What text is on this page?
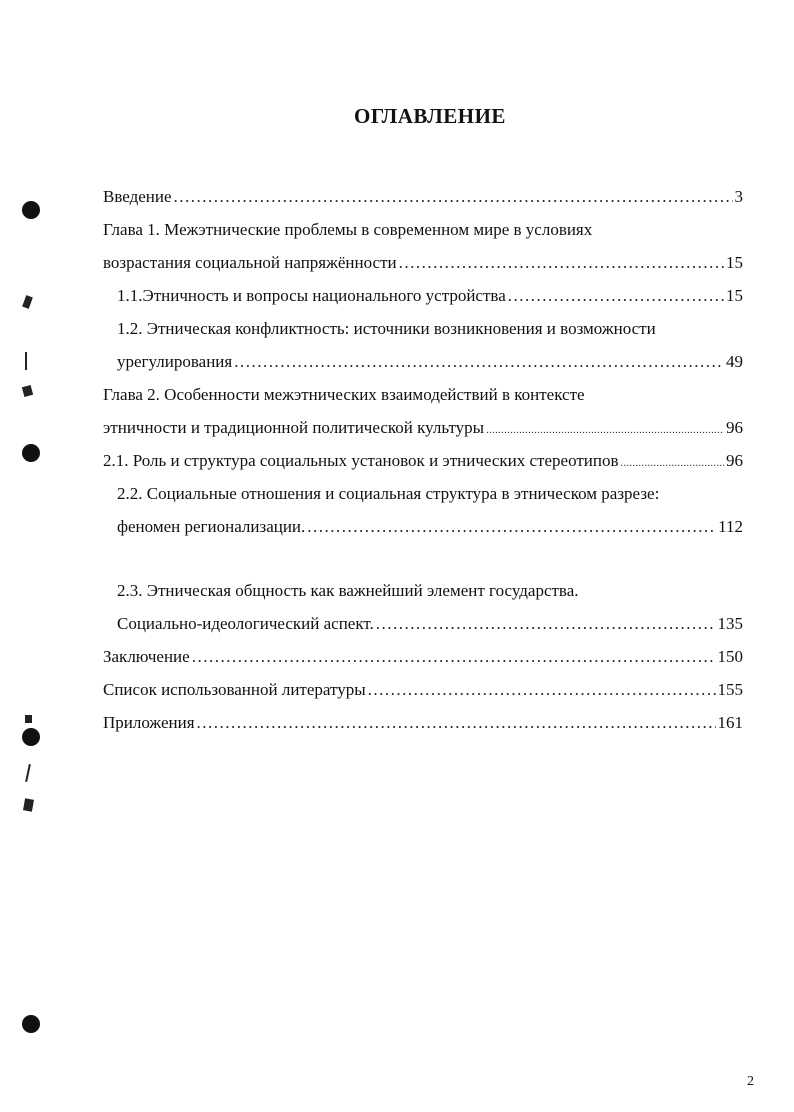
ОГЛАВЛЕНИЕ
Введение .....	3
Глава 1. Межэтнические проблемы в современном мире в условиях
возрастания социальной напряжённости .....	15
1.1.Этничность и вопросы национального устройства .....	15
1.2. Этническая конфликтность: источники возникновения и возможности
урегулирования .....	49
Глава 2. Особенности межэтнических взаимодействий в контексте
этничности и традиционной политической культуры .....	96
2.1. Роль и структура социальных установок и этнических стереотипов .....	96
2.2. Социальные отношения и социальная структура в этническом разрезе:
феномен регионализации. .....	112
2.3. Этническая общность как важнейший элемент государства.
Социально-идеологический аспект. .....	135
Заключение .....	150
Список использованной литературы .....	155
Приложения .....	161
2
